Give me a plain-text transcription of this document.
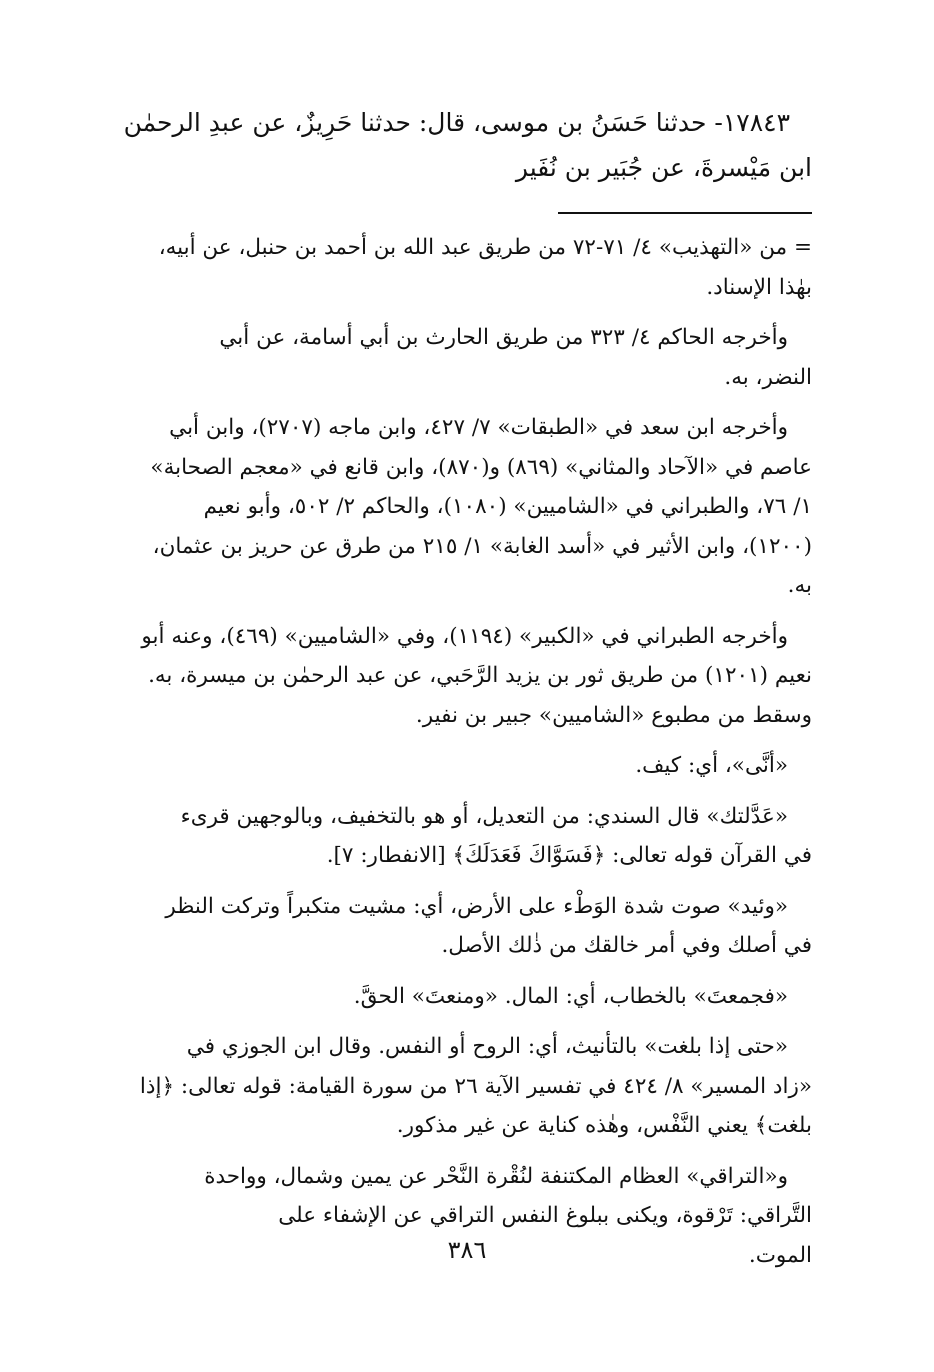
١٧٨٤٣- حدثنا حَسَنُ بن موسى، قال: حدثنا حَرِيزٌ، عن عبدِ الرحمٰن

ابن مَيْسرةَ، عن جُبَير بن نُفَير
= من «التهذيب» ٤/ ٧١-٧٢ من طريق عبد الله بن أحمد بن حنبل، عن أبيه،
بهٰذا الإسناد.
وأخرجه الحاكم ٤/ ٣٢٣ من طريق الحارث بن أبي أسامة، عن أبي
النضر، به.
وأخرجه ابن سعد في «الطبقات» ٧/ ٤٢٧، وابن ماجه (٢٧٠٧)، وابن أبي
عاصم في «الآحاد والمثاني» (٨٦٩) و(٨٧٠)، وابن قانع في «معجم الصحابة»
١/ ٧٦، والطبراني في «الشاميين» (١٠٨٠)، والحاكم ٢/ ٥٠٢، وأبو نعيم
(١٢٠٠)، وابن الأثير في «أسد الغابة» ١/ ٢١٥ من طرق عن حريز بن عثمان،
به.
وأخرجه الطبراني في «الكبير» (١١٩٤)، وفي «الشاميين» (٤٦٩)، وعنه أبو
نعيم (١٢٠١) من طريق ثور بن يزيد الرَّحَبي، عن عبد الرحمٰن بن ميسرة، به.
وسقط من مطبوع «الشاميين» جبير بن نفير.
«أنَّى»، أي: كيف.
«عَدَّلتك» قال السندي: من التعديل، أو هو بالتخفيف، وبالوجهين قرىء
في القرآن قوله تعالى: ﴿فَسَوَّاكَ فَعَدَلَكَ﴾ [الانفطار: ٧].
«وئيد» صوت شدة الوَطْء على الأرض، أي: مشيت متكبراً وتركت النظر
في أصلك وفي أمر خالقك من ذٰلك الأصل.
«فجمعتَ» بالخطاب، أي: المال. «ومنعتَ» الحقَّ.
«حتى إذا بلغت» بالتأنيث، أي: الروح أو النفس. وقال ابن الجوزي في
«زاد المسير» ٨/ ٤٢٤ في تفسير الآية ٢٦ من سورة القيامة: قوله تعالى: ﴿إذا
بلغت﴾ يعني النَّفْس، وهٰذه كناية عن غير مذكور.
و«التراقي» العظام المكتنفة لنُقْرة النَّحْر عن يمين وشمال، وواحدة
التَّراقي: تَرْقوة، ويكنى ببلوغ النفس التراقي عن الإشفاء على
الموت.
٣٨٦
